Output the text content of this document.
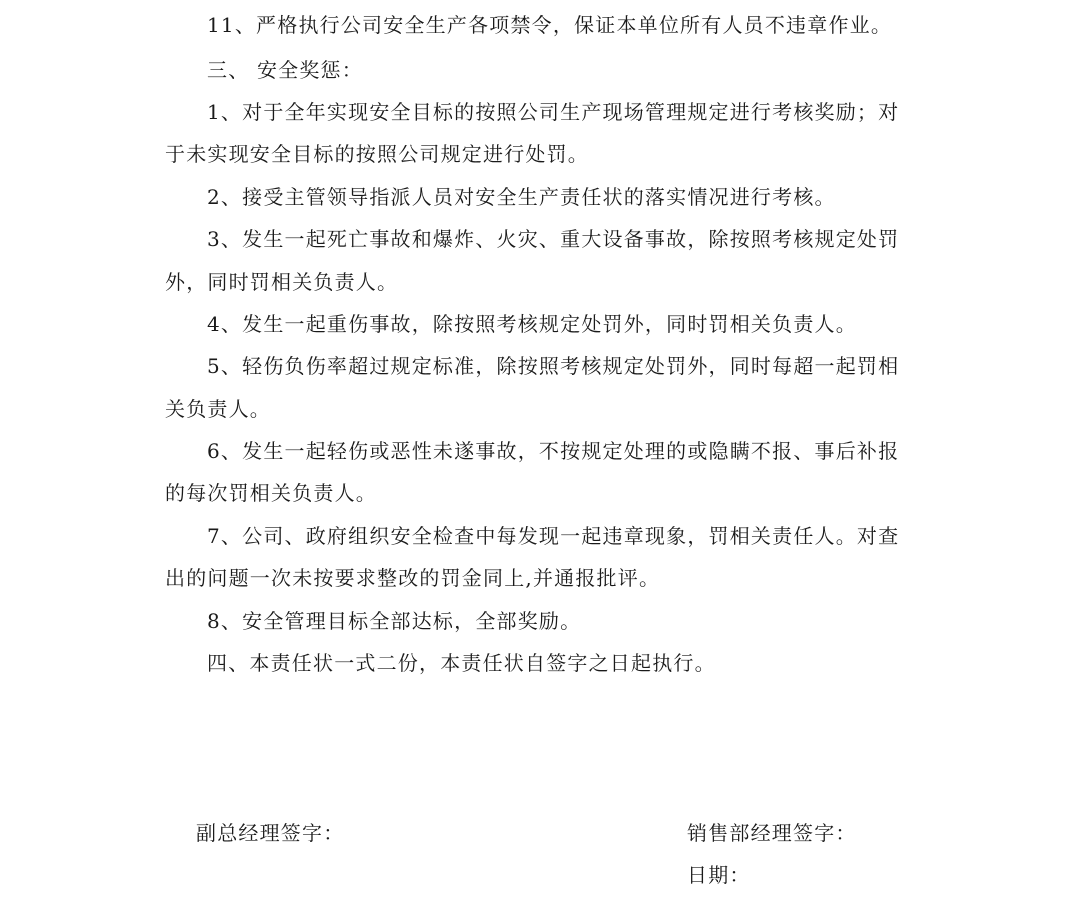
11、严格执行公司安全生产各项禁令，保证本单位所有人员不违章作业。
三、 安全奖惩：
1、对于全年实现安全目标的按照公司生产现场管理规定进行考核奖励；对
于未实现安全目标的按照公司规定进行处罚。
2、接受主管领导指派人员对安全生产责任状的落实情况进行考核。
3、发生一起死亡事故和爆炸、火灾、重大设备事故，除按照考核规定处罚
外，同时罚相关负责人。
4、发生一起重伤事故，除按照考核规定处罚外，同时罚相关负责人。
5、轻伤负伤率超过规定标准，除按照考核规定处罚外，同时每超一起罚相
关负责人。
6、发生一起轻伤或恶性未遂事故，不按规定处理的或隐瞒不报、事后补报
的每次罚相关负责人。
7、公司、政府组织安全检查中每发现一起违章现象，罚相关责任人。对查
出的问题一次未按要求整改的罚金同上,并通报批评。
8、安全管理目标全部达标，全部奖励。
四、本责任状一式二份，本责任状自签字之日起执行。
副总经理签字：	销售部经理签字：
日期：
